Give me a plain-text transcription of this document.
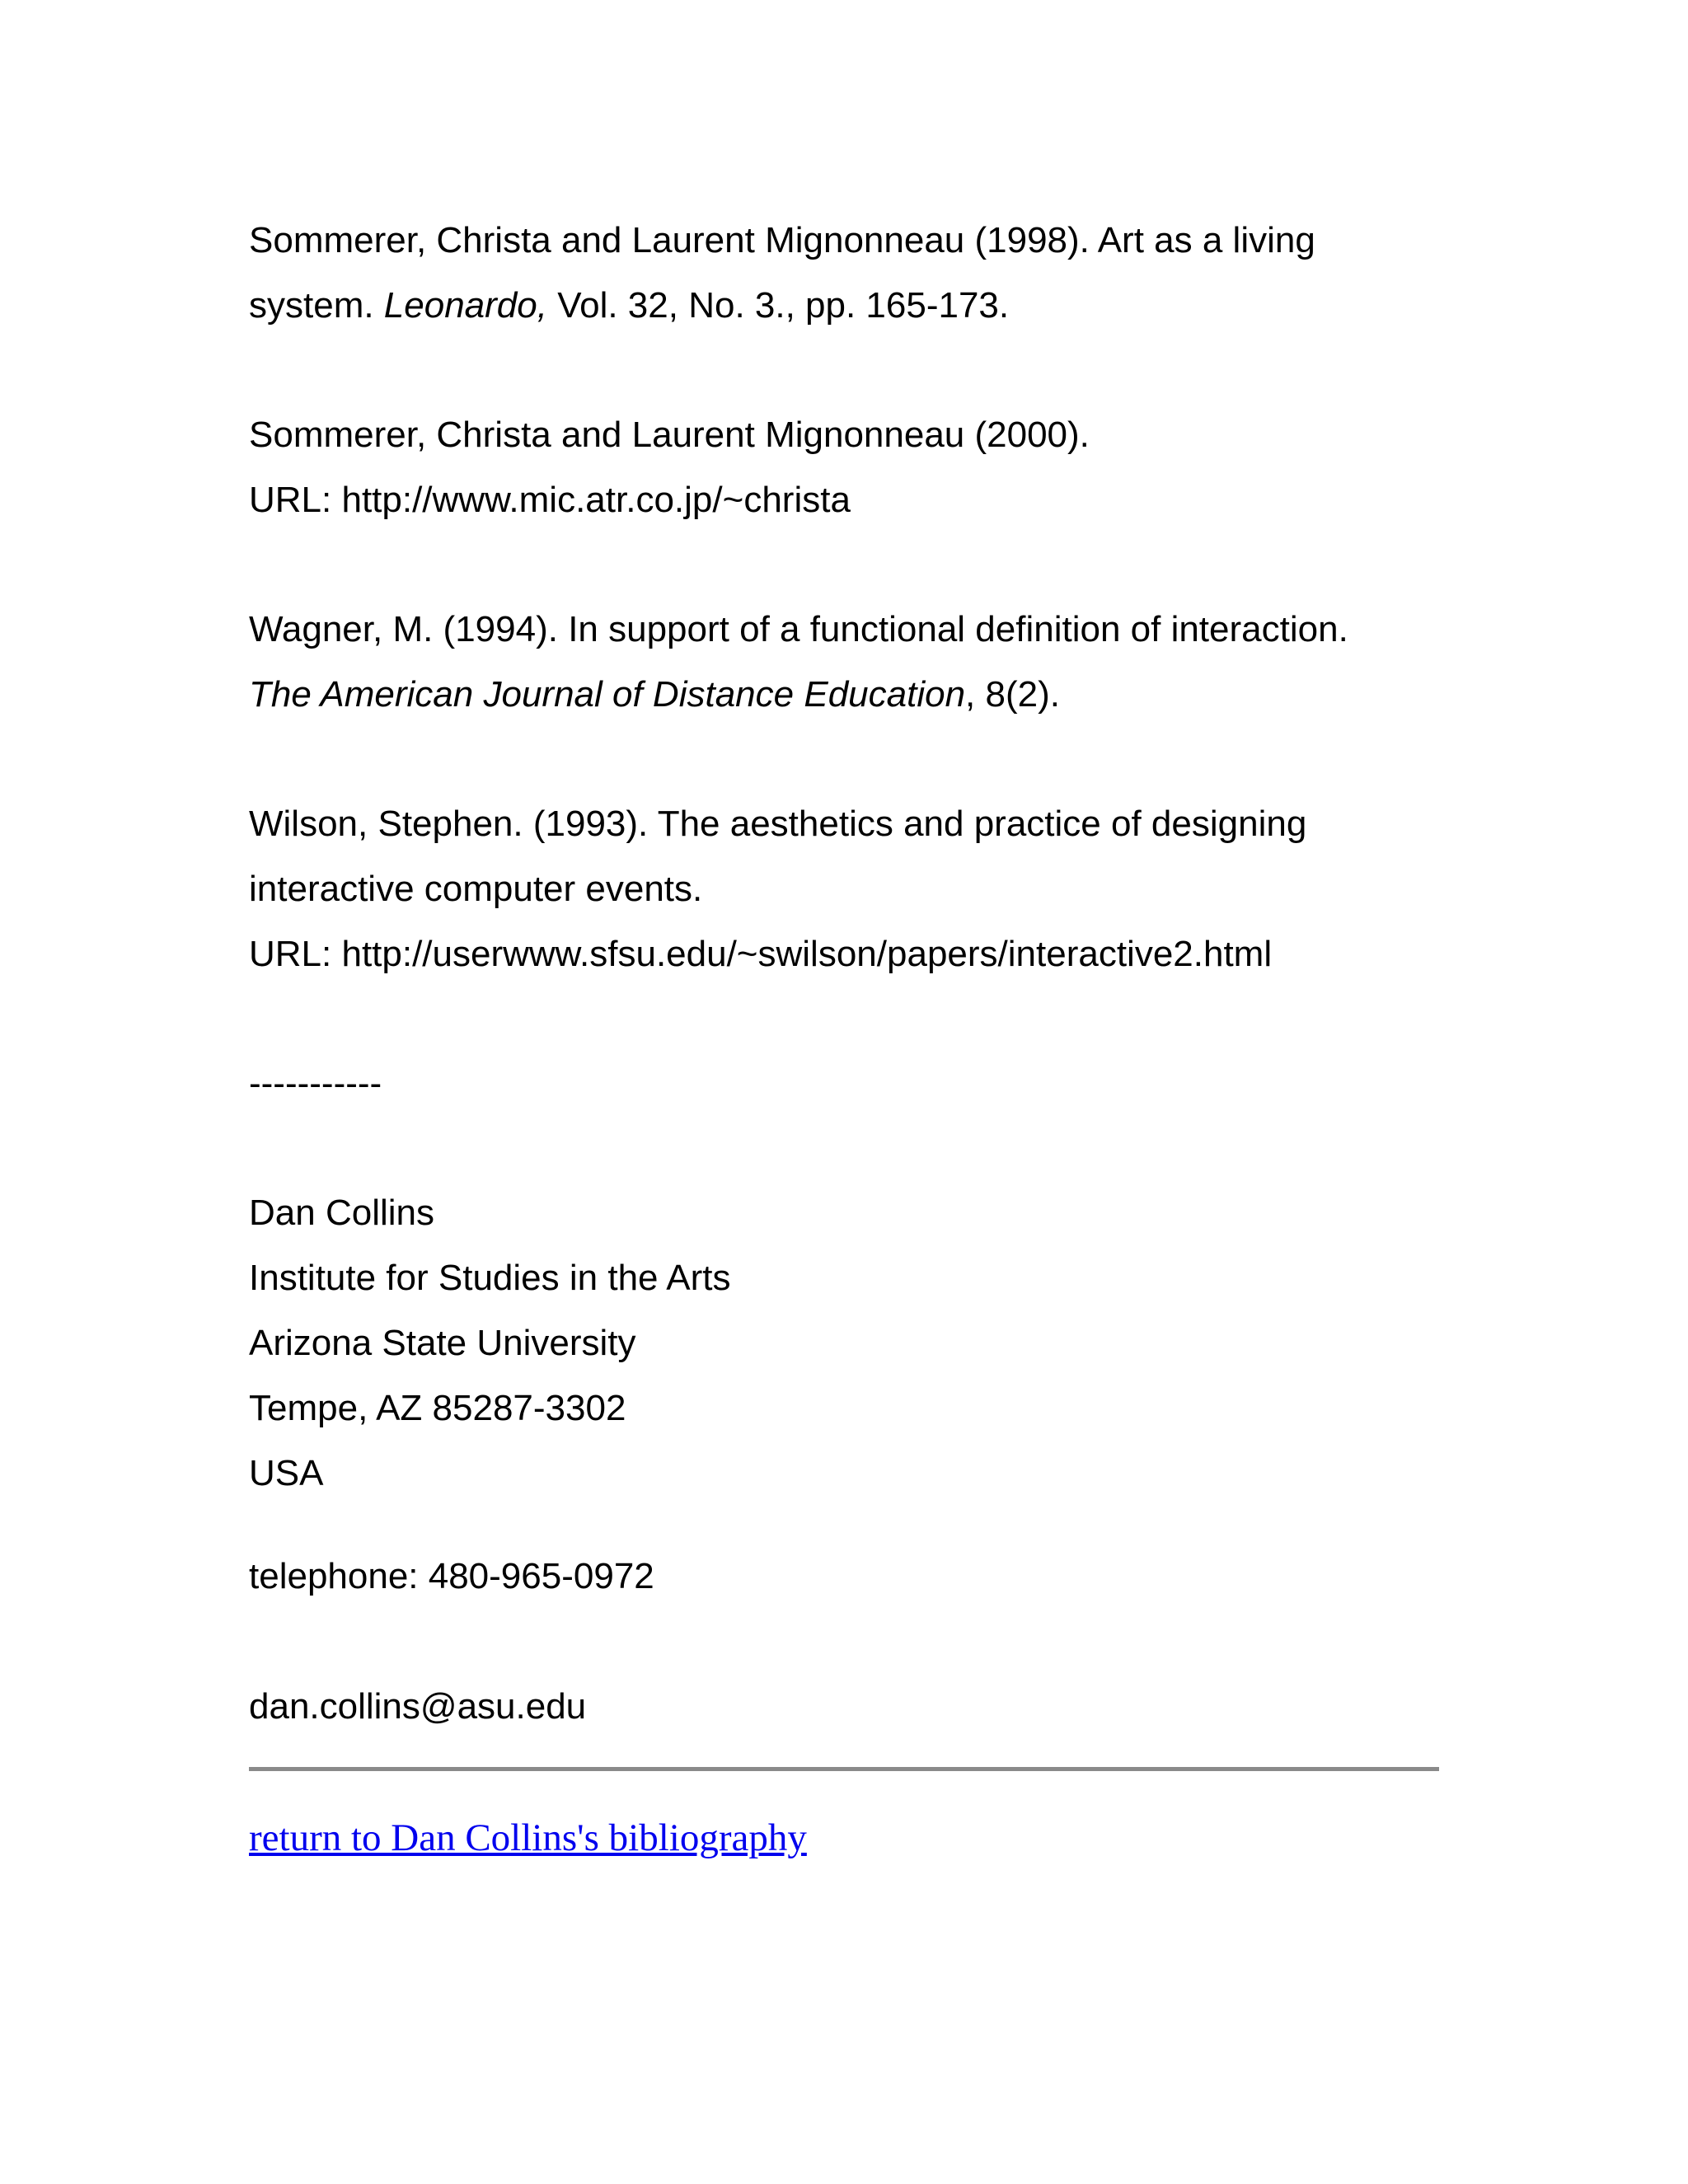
Sommerer, Christa and Laurent Mignonneau (1998). Art as a living
system. Leonardo, Vol. 32, No. 3., pp. 165-173.
Sommerer, Christa and Laurent Mignonneau (2000).
URL: http://www.mic.atr.co.jp/~christa
Wagner, M. (1994). In support of a functional definition of interaction.
The American Journal of Distance Education, 8(2).
Wilson, Stephen. (1993). The aesthetics and practice of designing
interactive computer events.
URL: http://userwww.sfsu.edu/~swilson/papers/interactive2.html
-----------
Dan Collins
Institute for Studies in the Arts
Arizona State University
Tempe, AZ 85287-3302
USA
telephone: 480-965-0972
dan.collins@asu.edu
return to Dan Collins's bibliography
